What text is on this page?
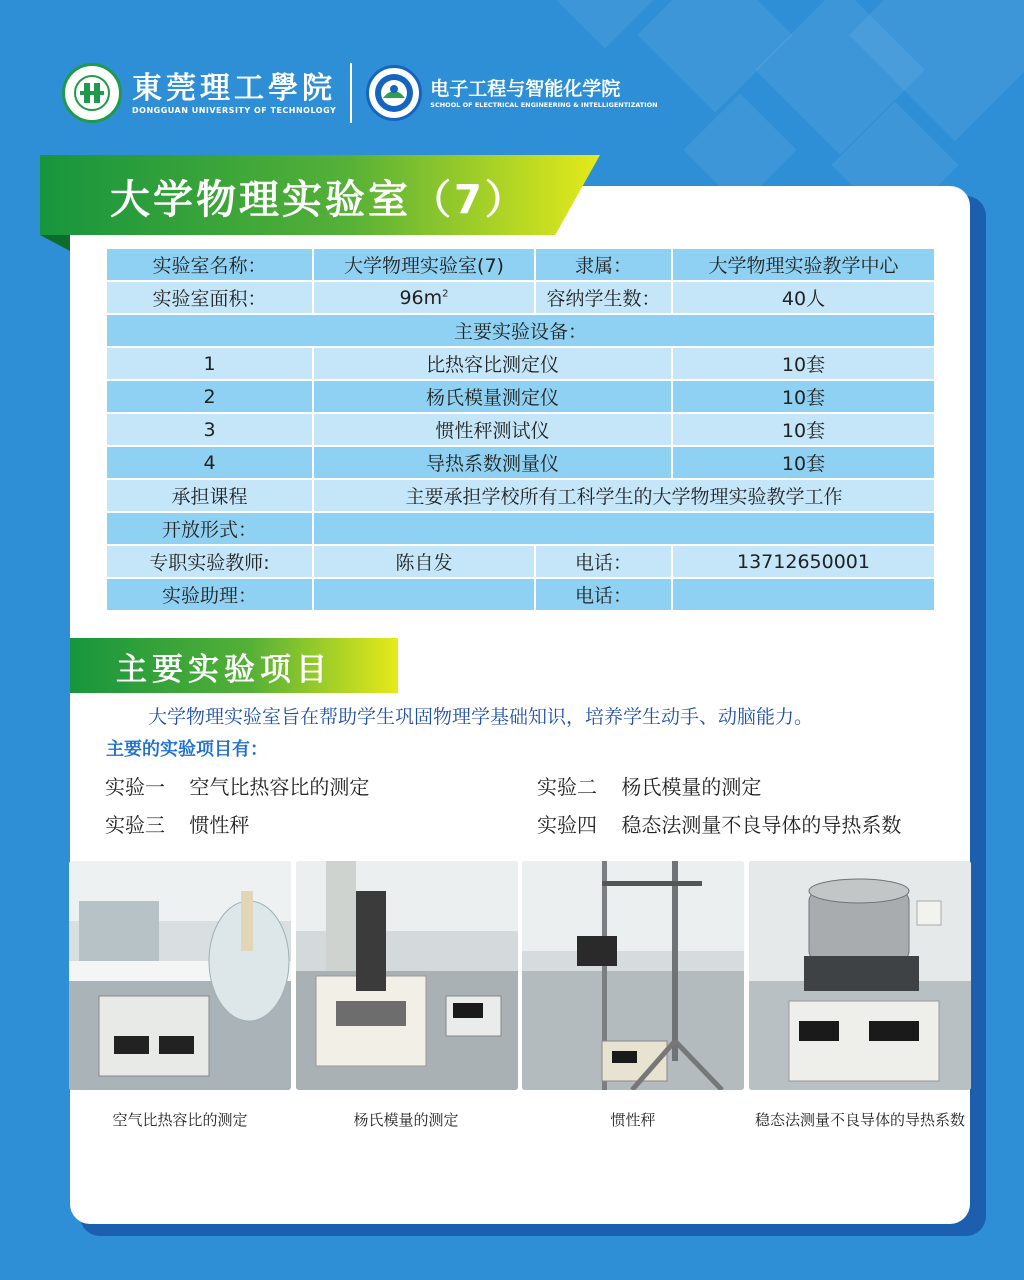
東莞理工學院
DONGGUAN UNIVERSITY OF TECHNOLOGY
电子工程与智能化学院
SCHOOL OF ELECTRICAL ENGINEERING & INTELLIGENTIZATION
大学物理实验室（7）
实验室名称：	大学物理实验室(7)	隶属：	大学物理实验教学中心
实验室面积：	$96m^2$	容纳学生数：	40人
主要实验设备：			
1	比热容比测定仪		10套
2	杨氏模量测定仪		10套
3	惯性秤测试仪		10套
4	导热系数测量仪		10套
承担课程	主要承担学校所有工科学生的大学物理实验教学工作		
开放形式：			
专职实验教师:	陈自发	电话：	13712650001
实验助理：		电话：	
主要实验项目
大学物理实验室旨在帮助学生巩固物理学基础知识，培养学生动手、动脑能力。
主要的实验项目有：
实验一 空气比热容比的测定	实验二 杨氏模量的测定
实验三 惯性秤	实验四 稳态法测量不良导体的导热系数
空气比热容比的测定	杨氏模量的测定	惯性秤	稳态法测量不良导体的导热系数
